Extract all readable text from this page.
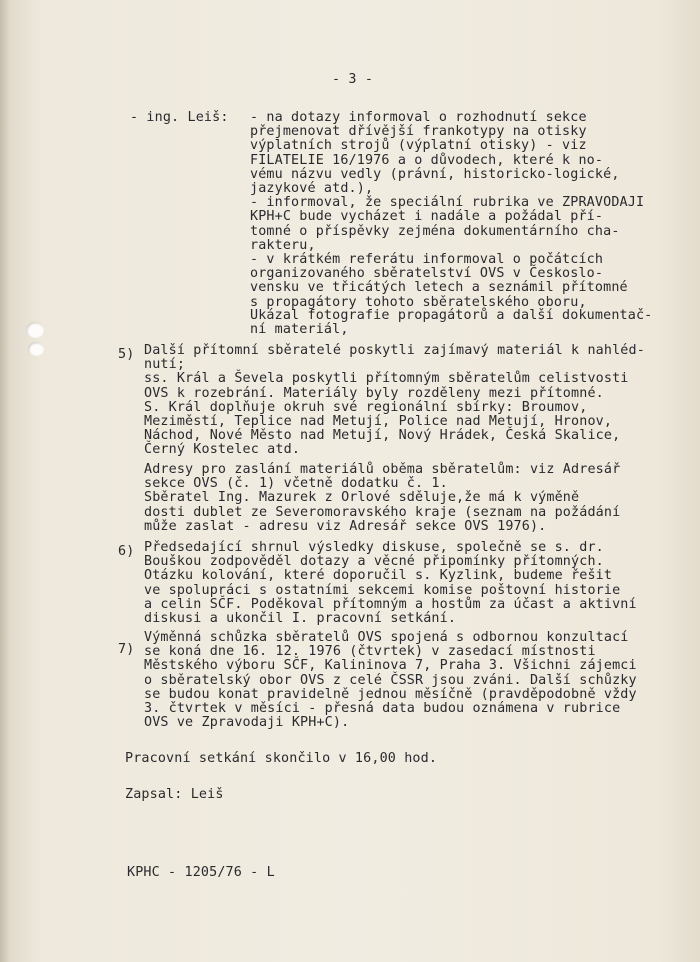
- 3 -
- ing. Leiš: - na dotazy informoval o rozhodnutí sekce
přejmenovat dřívější frankotypy na otisky
výplatních strojů (výplatní otisky) - viz
FILATELIE 16/1976 a o důvodech, které k no-
vému názvu vedly (právní, historicko-logické,
jazykové atd.),
- informoval, že speciální rubrika ve ZPRAVODAJI
KPH+C bude vycházet i nadále a požádal pří-
tomné o příspěvky zejména dokumentárního cha-
rakteru,
- v krátkém referátu informoval o počátcích
organizovaného sběratelství OVS v Českoslo-
vensku ve třicátých letech a seznámil přítomné
s propagátory tohoto sběratelského oboru,
Ukázal fotografie propagátorů a další dokumentač-
ní materiál,
5) Další přítomní sběratelé poskytli zajímavý materiál k nahléd-
nutí;
ss. Král a Ševela poskytli přítomným sběratelům celistvosti
OVS k rozebrání. Materiály byly rozděleny mezi přítomné.
S. Král doplňuje okruh své regionální sbírky: Broumov,
Meziměstí, Teplice nad Metují, Police nad Metují, Hronov,
Náchod, Nové Město nad Metují, Nový Hrádek, Česká Skalice,
Černý Kostelec atd.
Adresy pro zaslání materiálů oběma sběratelům: viz Adresář
sekce OVS (č. 1) včetně dodatku č. 1.
Sběratel Ing. Mazurek z Orlové sděluje,že má k výměně
dosti dublet ze Severomoravského kraje (seznam na požádání
může zaslat - adresu viz Adresář sekce OVS 1976).
6) Předsedající shrnul výsledky diskuse, společně se s. dr.
Bouškou zodpověděl dotazy a věcné připomínky přítomných.
Otázku kolování, které doporučil s. Kyzlink, budeme řešit
ve spolupráci s ostatními sekcemi komise poštovní historie
a celin SČF. Poděkoval přítomným a hostům za účast a aktivní
diskusi a ukončil I. pracovní setkání.
7)
Výměnná schůzka sběratelů OVS spojená s odbornou konzultací
se koná dne 16. 12. 1976 (čtvrtek) v zasedací místnosti
Městského výboru SČF, Kalininova 7, Praha 3. Všichni zájemci
o sběratelský obor OVS z celé ČSSR jsou zváni. Další schůzky
se budou konat pravidelně jednou měsíčně (pravděpodobně vždy
3. čtvrtek v měsíci - přesná data budou oznámena v rubrice
OVS ve Zpravodaji KPH+C).
Pracovní setkání skončilo v 16,00 hod.
Zapsal: Leiš
KPHC - 1205/76 - L
